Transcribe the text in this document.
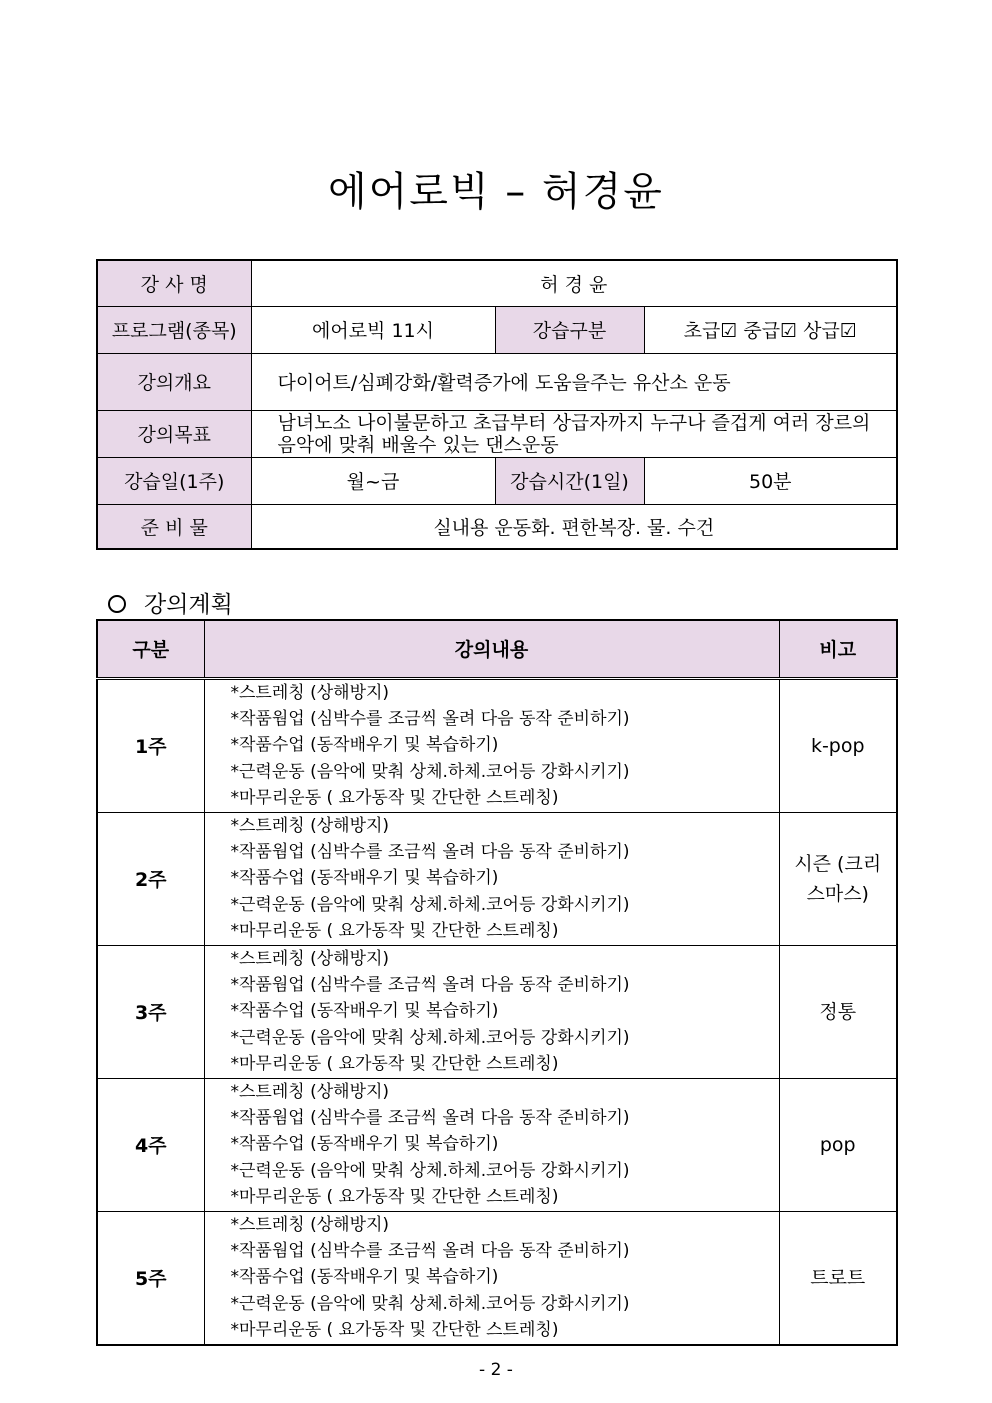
에어로빅 – 허경윤
강 사 명	허 경 윤		
프로그램(종목)	에어로빅 11시	강습구분	초급☑ 중급☑ 상급☑
강의개요	다이어트/심폐강화/활력증가에 도움을주는 유산소 운동		
강의목표	남녀노소 나이불문하고 초급부터 상급자까지 누구나 즐겁게 여러 장르의 음악에 맞춰 배울수 있는 댄스운동		
강습일(1주)	월~금	강습시간(1일)	50분
준 비 물	실내용 운동화. 편한복장. 물. 수건		
강의계획
구분	강의내용	비고
1주	*스트레칭 (상해방지)
*작품웜업 (심박수를 조금씩 올려 다음 동작 준비하기)
*작품수업 (동작배우기 및 복습하기)
*근력운동 (음악에 맞춰 상체.하체.코어등 강화시키기)
*마무리운동 ( 요가동작 및 간단한 스트레칭)	k-pop
2주	*스트레칭 (상해방지)
*작품웜업 (심박수를 조금씩 올려 다음 동작 준비하기)
*작품수업 (동작배우기 및 복습하기)
*근력운동 (음악에 맞춰 상체.하체.코어등 강화시키기)
*마무리운동 ( 요가동작 및 간단한 스트레칭)	시즌 (크리스마스)
3주	*스트레칭 (상해방지)
*작품웜업 (심박수를 조금씩 올려 다음 동작 준비하기)
*작품수업 (동작배우기 및 복습하기)
*근력운동 (음악에 맞춰 상체.하체.코어등 강화시키기)
*마무리운동 ( 요가동작 및 간단한 스트레칭)	정통
4주	*스트레칭 (상해방지)
*작품웜업 (심박수를 조금씩 올려 다음 동작 준비하기)
*작품수업 (동작배우기 및 복습하기)
*근력운동 (음악에 맞춰 상체.하체.코어등 강화시키기)
*마무리운동 ( 요가동작 및 간단한 스트레칭)	pop
5주	*스트레칭 (상해방지)
*작품웜업 (심박수를 조금씩 올려 다음 동작 준비하기)
*작품수업 (동작배우기 및 복습하기)
*근력운동 (음악에 맞춰 상체.하체.코어등 강화시키기)
*마무리운동 ( 요가동작 및 간단한 스트레칭)	트로트
- 2 -
